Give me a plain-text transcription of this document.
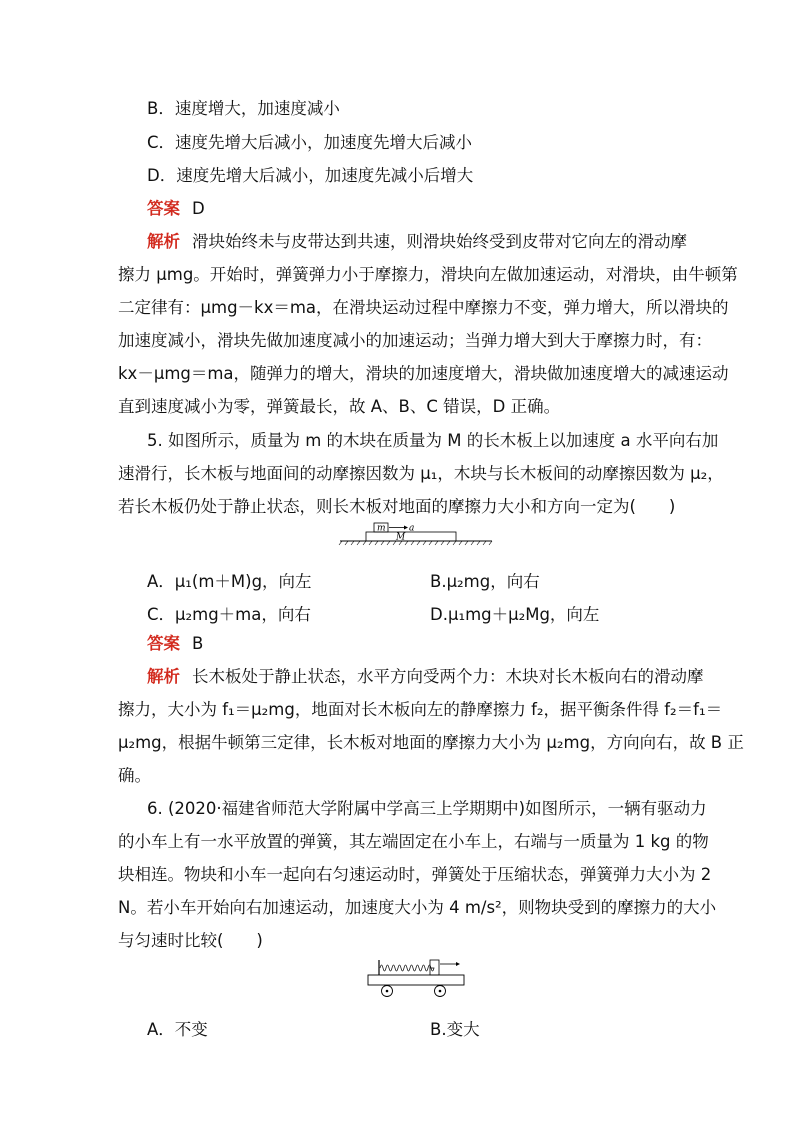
B．速度增大，加速度减小
C．速度先增大后减小，加速度先增大后减小
D．速度先增大后减小，加速度先减小后增大
答案 D
解析 滑块始终未与皮带达到共速，则滑块始终受到皮带对它向左的滑动摩
擦力 μmg。开始时，弹簧弹力小于摩擦力，滑块向左做加速运动，对滑块，由牛顿第
二定律有：μmg－kx＝ma，在滑块运动过程中摩擦力不变，弹力增大，所以滑块的
加速度减小，滑块先做加速度减小的加速运动；当弹力增大到大于摩擦力时，有：
kx－μmg＝ma，随弹力的增大，滑块的加速度增大，滑块做加速度增大的减速运动
直到速度减小为零，弹簧最长，故 A、B、C 错误，D 正确。
5. 如图所示，质量为 m 的木块在质量为 M 的长木板上以加速度 a 水平向右加
速滑行，长木板与地面间的动摩擦因数为 μ₁，木块与长木板间的动摩擦因数为 μ₂，
若长木板仍处于静止状态，则长木板对地面的摩擦力大小和方向一定为(　　)
m	a
M
A．μ₁(m＋M)g，向左	B.μ₂mg，向右
C．μ₂mg＋ma，向右	D.μ₁mg＋μ₂Mg，向左
答案 B
解析 长木板处于静止状态，水平方向受两个力：木块对长木板向右的滑动摩
擦力，大小为 f₁＝μ₂mg，地面对长木板向左的静摩擦力 f₂，据平衡条件得 f₂＝f₁＝
μ₂mg，根据牛顿第三定律，长木板对地面的摩擦力大小为 μ₂mg，方向向右，故 B 正
确。
6. (2020·福建省师范大学附属中学高三上学期期中)如图所示，一辆有驱动力
的小车上有一水平放置的弹簧，其左端固定在小车上，右端与一质量为 1 kg 的物
块相连。物块和小车一起向右匀速运动时，弹簧处于压缩状态，弹簧弹力大小为 2
N。若小车开始向右加速运动，加速度大小为 4 m/s²，则物块受到的摩擦力的大小
与匀速时比较(　　)
A．不变	B.变大
